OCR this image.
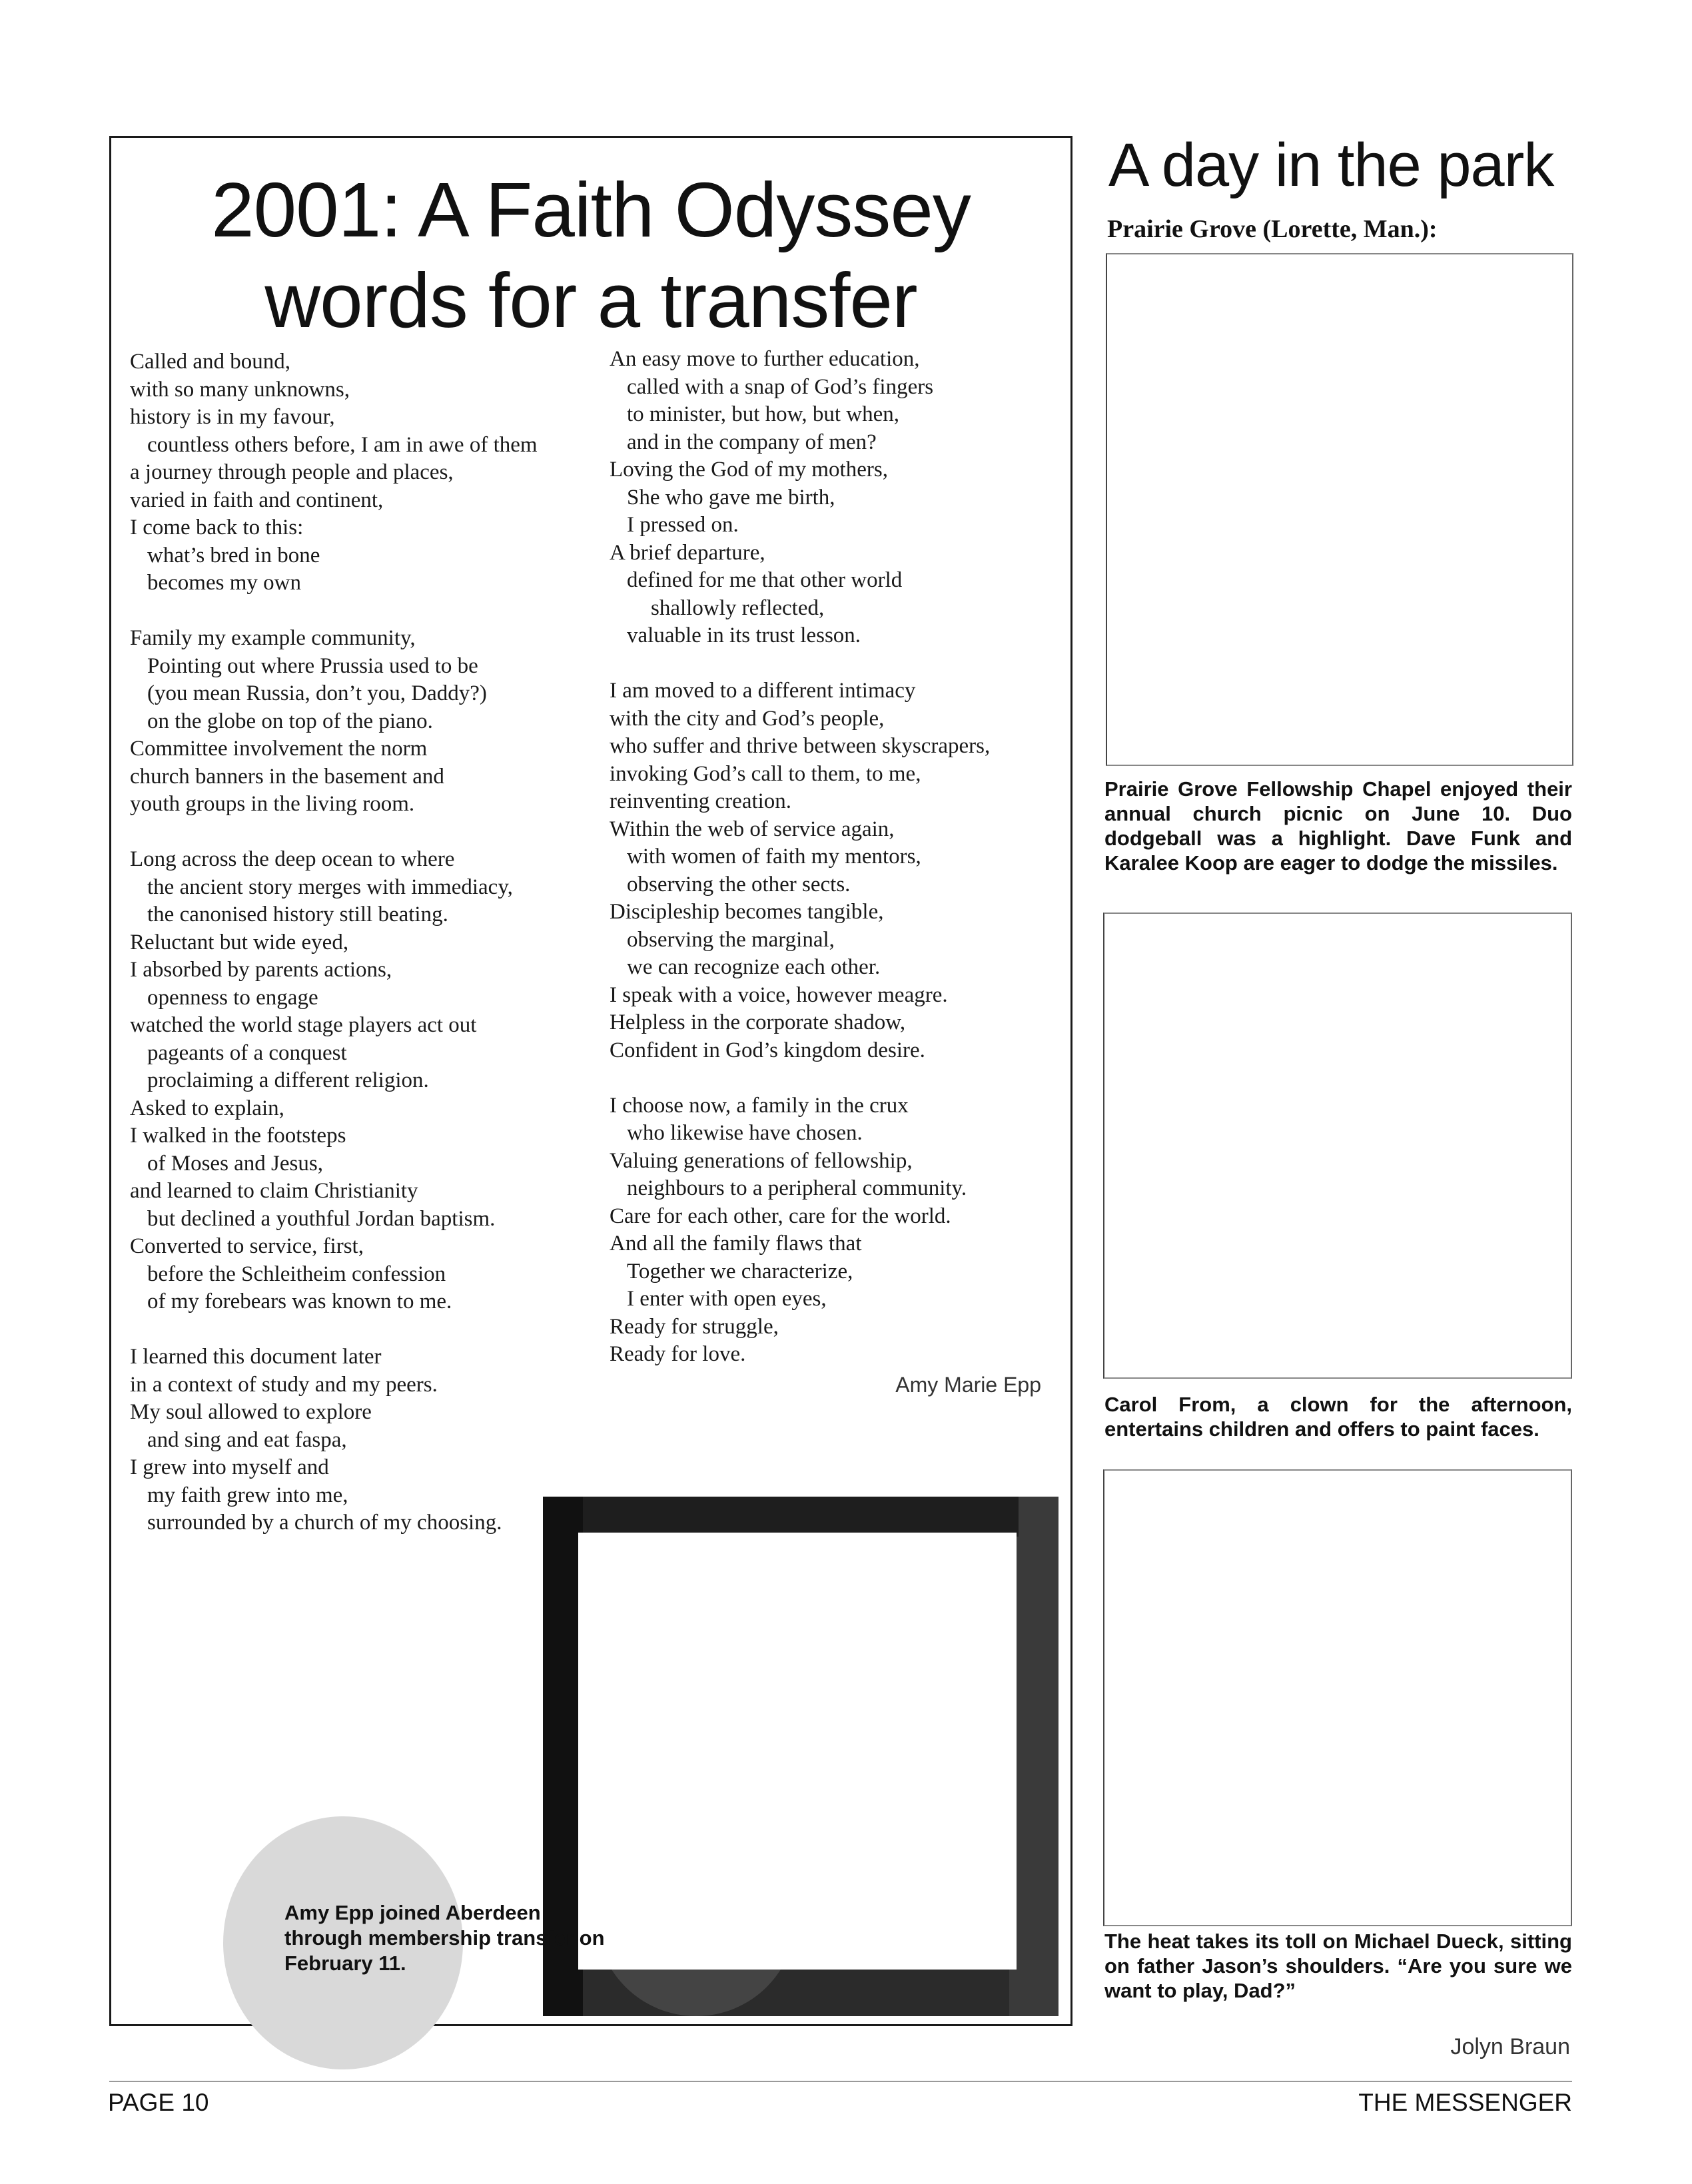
2001: A Faith Odyssey
words for a transfer
Called and bound,
with so many unknowns,
history is in my favour,
countless others before, I am in awe of them
a journey through people and places,
varied in faith and continent,
I come back to this:
what’s bred in bone
becomes my own
Family my example community,
Pointing out where Prussia used to be
(you mean Russia, don’t you, Daddy?)
on the globe on top of the piano.
Committee involvement the norm
church banners in the basement and
youth groups in the living room.
Long across the deep ocean to where
the ancient story merges with immediacy,
the canonised history still beating.
Reluctant but wide eyed,
I absorbed by parents actions,
openness to engage
watched the world stage players act out
pageants of a conquest
proclaiming a different religion.
Asked to explain,
I walked in the footsteps
of Moses and Jesus,
and learned to claim Christianity
but declined a youthful Jordan baptism.
Converted to service, first,
before the Schleitheim confession
of my forebears was known to me.
I learned this document later
in a context of study and my peers.
My soul allowed to explore
and sing and eat faspa,
I grew into myself and
my faith grew into me,
surrounded by a church of my choosing.
An easy move to further education,
called with a snap of God’s fingers
to minister, but how, but when,
and in the company of men?
Loving the God of my mothers,
She who gave me birth,
I pressed on.
A brief departure,
defined for me that other world
shallowly reflected,
valuable in its trust lesson.
I am moved to a different intimacy
with the city and God’s people,
who suffer and thrive between skyscrapers,
invoking God’s call to them, to me,
reinventing creation.
Within the web of service again,
with women of faith my mentors,
observing the other sects.
Discipleship becomes tangible,
observing the marginal,
we can recognize each other.
I speak with a voice, however meagre.
Helpless in the corporate shadow,
Confident in God’s kingdom desire.
I choose now, a family in the crux
who likewise have chosen.
Valuing generations of fellowship,
neighbours to a peripheral community.
Care for each other, care for the world.
And all the family flaws that
Together we characterize,
I enter with open eyes,
Ready for struggle,
Ready for love.
Amy Marie Epp
Amy Epp joined Aberdeen through membership transfer on February 11.
A day in the park
Prairie Grove (Lorette, Man.):
Prairie Grove Fellowship Chapel enjoyed their annual church picnic on June 10. Duo dodgeball was a highlight. Dave Funk and Karalee Koop are eager to dodge the missiles.
Carol From, a clown for the afternoon, entertains children and offers to paint faces.
The heat takes its toll on Michael Dueck, sitting on father Jason’s shoulders. “Are you sure we want to play, Dad?”
Jolyn Braun
PAGE 10	THE MESSENGER
